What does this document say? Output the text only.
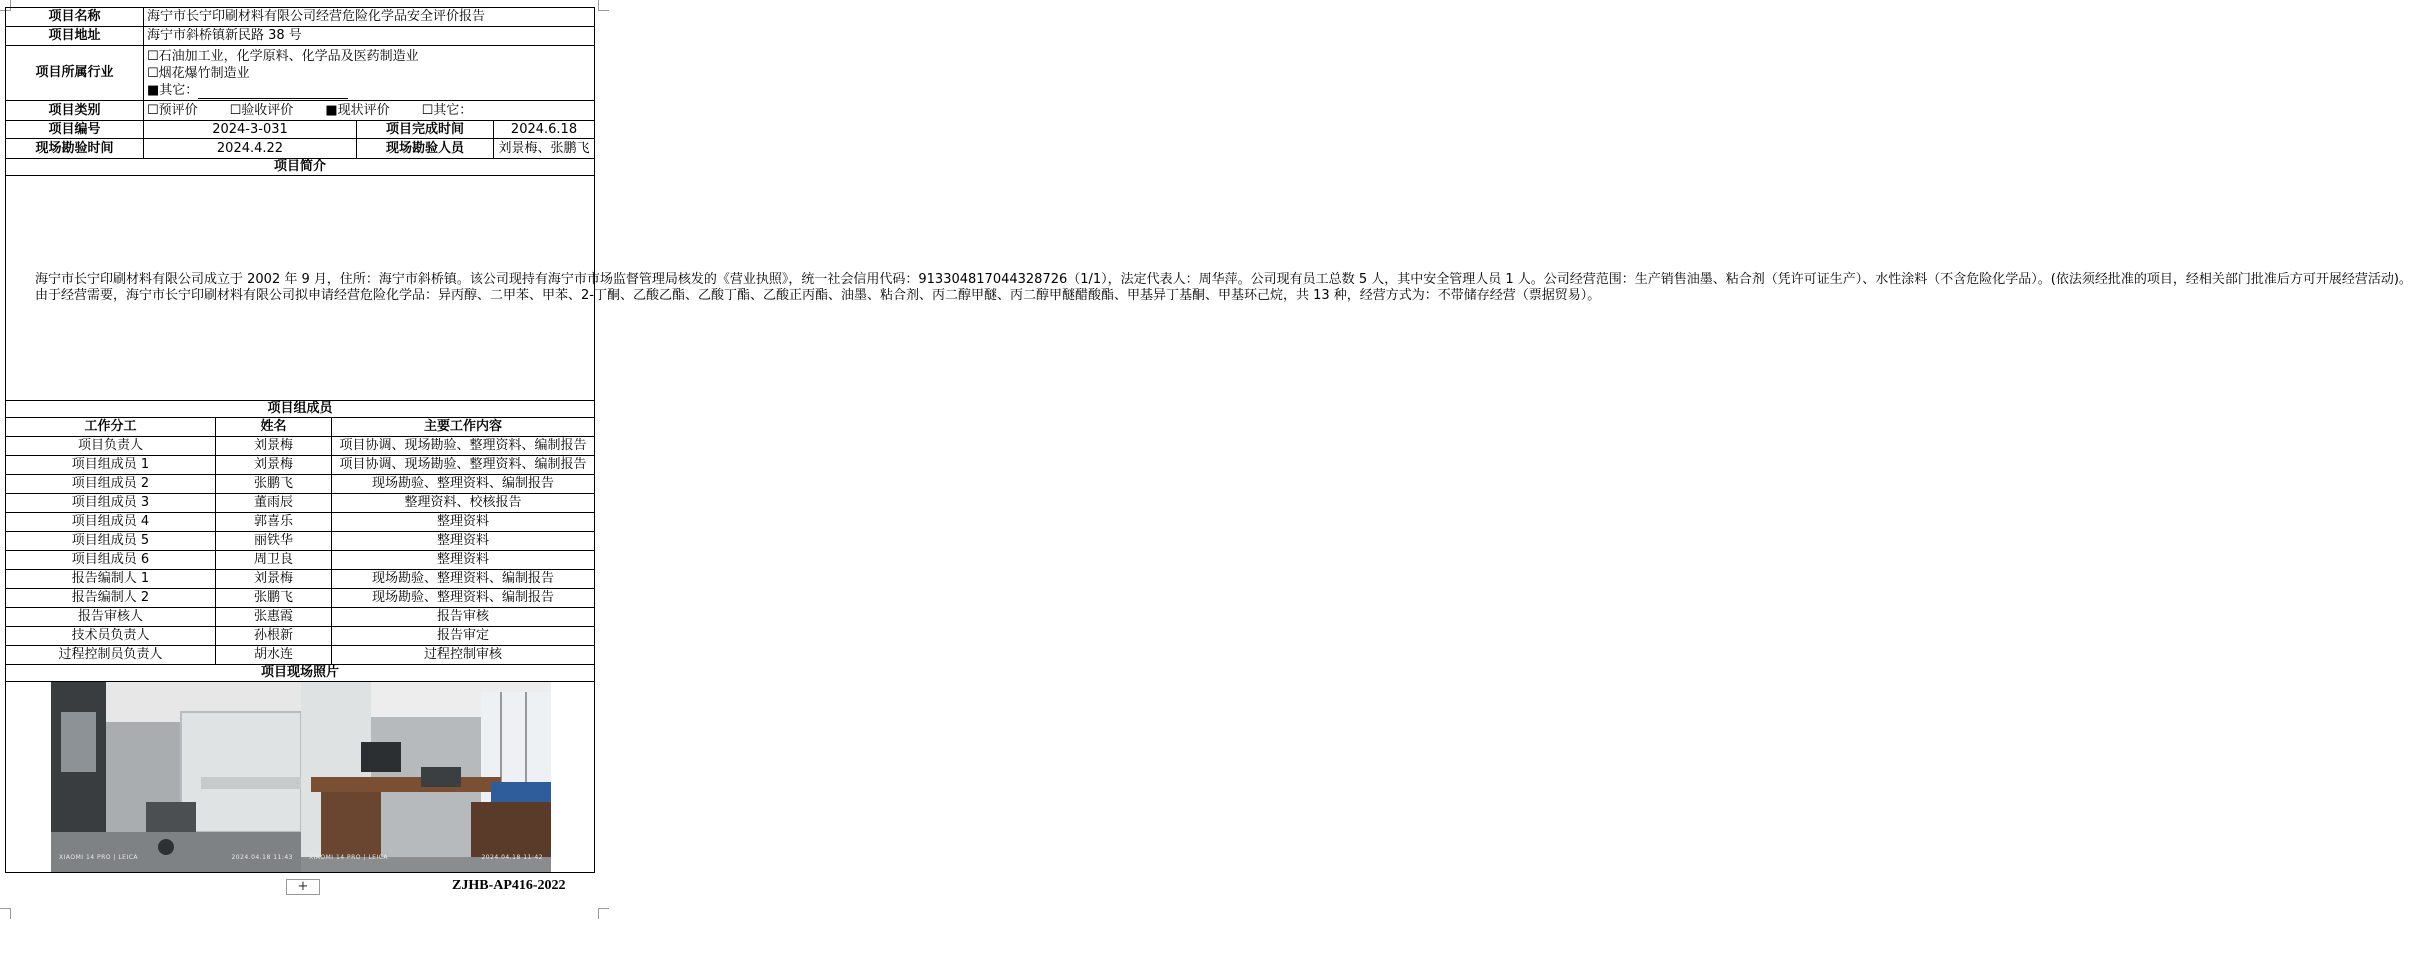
项目名称	海宁市长宁印刷材料有限公司经营危险化学品安全评价报告				
项目地址	海宁市斜桥镇新民路 38 号				
项目所属行业	☐石油加工业，化学原料、化学品及医药制造业
☐烟花爆竹制造业
■其它：				

项目类别	☐预评价 ☐验收评价 ■现状评价 ☐其它：				
项目编号	2024-3-031			项目完成时间	2024.6.18
现场勘验时间	2024.4.22			现场勘验人员	刘景梅、张鹏飞
项目简介					

海宁市长宁印刷材料有限公司成立于 2002 年 9 月，住所：海宁市斜桥镇。该公司现持有海宁市市场监督管理局核发的《营业执照》，统一社会信用代码：913304817044328726（1/1），法定代表人：周华萍。公司现有员工总数 5 人，其中安全管理人员 1 人。公司经营范围：生产销售油墨、粘合剂（凭许可证生产）、水性涂料（不含危险化学品）。(依法须经批准的项目，经相关部门批准后方可开展经营活动)。
由于经营需要，海宁市长宁印刷材料有限公司拟申请经营危险化学品：异丙醇、二甲苯、甲苯、2-丁酮、乙酸乙酯、乙酸丁酯、乙酸正丙酯、油墨、粘合剂、丙二醇甲醚、丙二醇甲醚醋酸酯、甲基异丁基酮、甲基环己烷，共 13 种，经营方式为：不带储存经营（票据贸易）。					

项目组成员					
工作分工		姓名	主要工作内容		
项目负责人		刘景梅	项目协调、现场勘验、整理资料、编制报告		
项目组成员 1		刘景梅	项目协调、现场勘验、整理资料、编制报告		
项目组成员 2		张鹏飞	现场勘验、整理资料、编制报告		
项目组成员 3		董雨辰	整理资料、校核报告		
项目组成员 4		郭喜乐	整理资料		
项目组成员 5		丽铁华	整理资料		
项目组成员 6		周卫良	整理资料		
报告编制人 1		刘景梅	现场勘验、整理资料、编制报告		
报告编制人 2		张鹏飞	现场勘验、整理资料、编制报告		
报告审核人		张惠霞	报告审核		
技术员负责人		孙根新	报告审定		
过程控制员负责人		胡水连	过程控制审核		
项目现场照片					

XIAOMI 14 PRO | LEICA 2024.04.18 11:43 XIAOMI 14 PRO | LEICA 2024.04.18 11:42					
+	ZJHB-AP416-2022
